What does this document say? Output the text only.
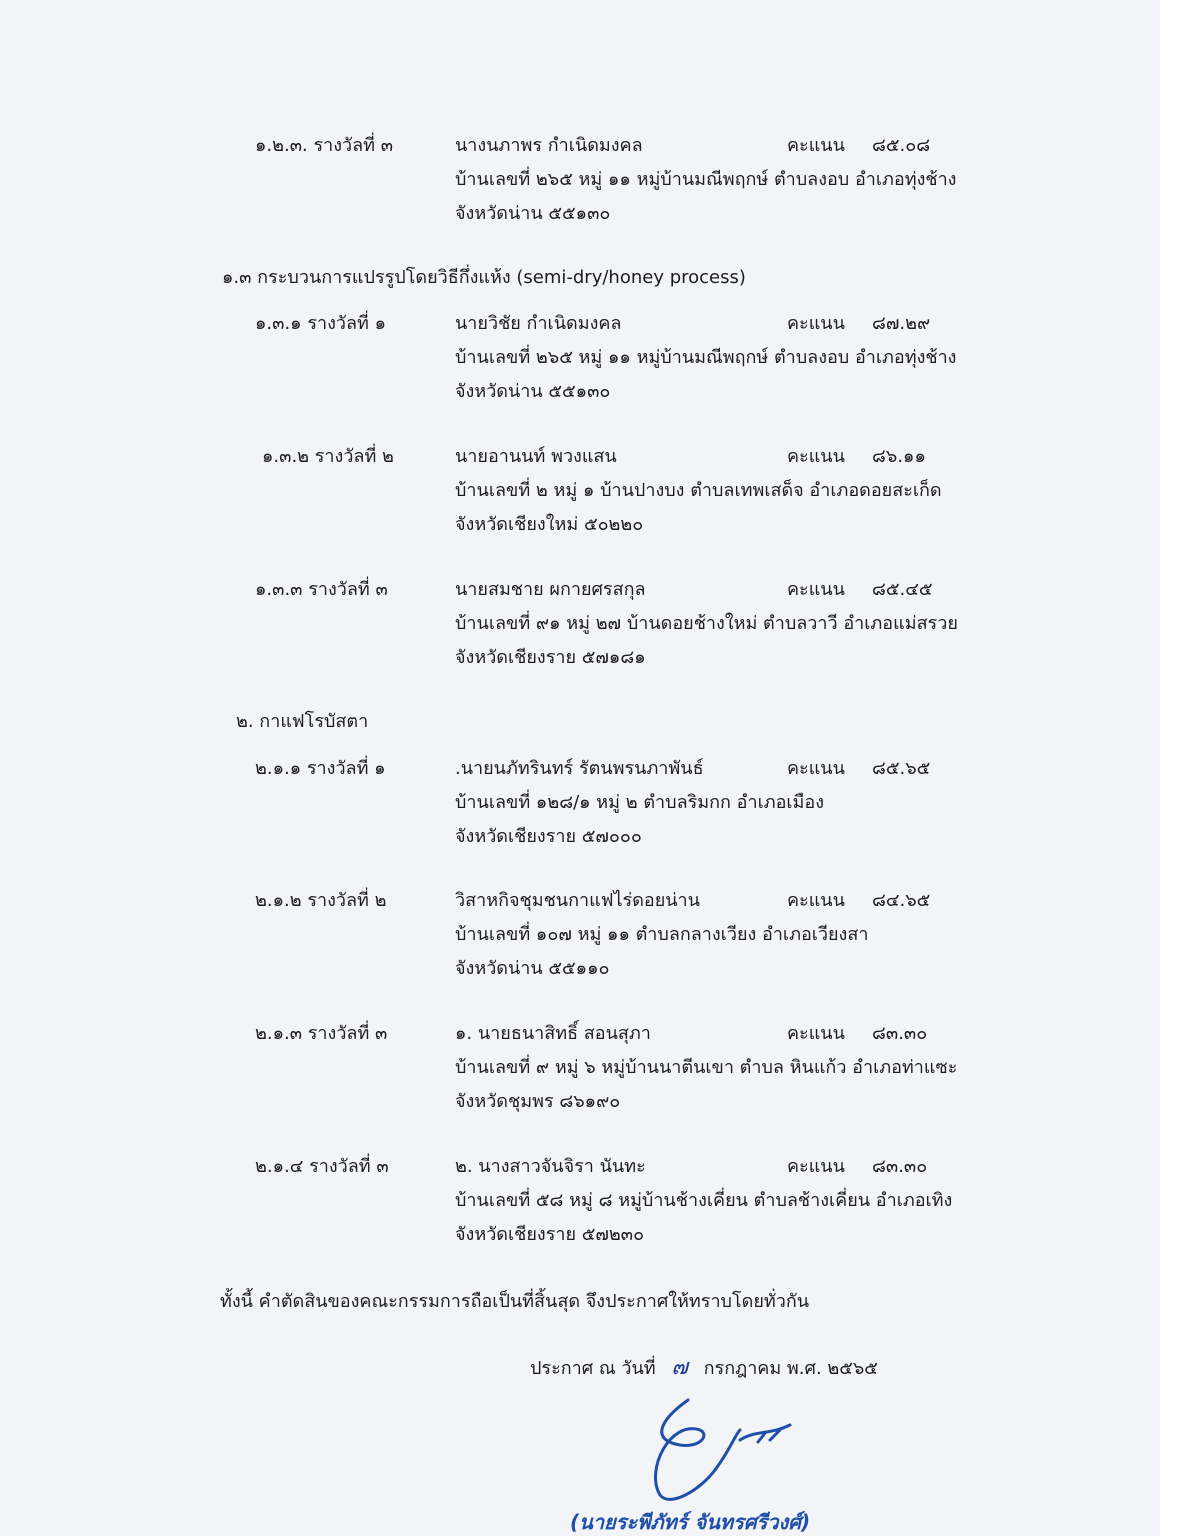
๑.๒.๓. รางวัลที่ ๓	นางนภาพร กำเนิดมงคล	คะแนน ๘๕.๐๘
บ้านเลขที่ ๒๖๕ หมู่ ๑๑ หมู่บ้านมณีพฤกษ์ ตำบลงอบ อำเภอทุ่งช้าง
จังหวัดน่าน ๕๕๑๓๐
๑.๓ กระบวนการแปรรูปโดยวิธีกึ่งแห้ง (semi-dry/honey process)
๑.๓.๑ รางวัลที่ ๑	นายวิชัย กำเนิดมงคล	คะแนน ๘๗.๒๙
บ้านเลขที่ ๒๖๕ หมู่ ๑๑ หมู่บ้านมณีพฤกษ์ ตำบลงอบ อำเภอทุ่งช้าง
จังหวัดน่าน ๕๕๑๓๐
๑.๓.๒ รางวัลที่ ๒	นายอานนท์ พวงแสน	คะแนน ๘๖.๑๑
บ้านเลขที่ ๒ หมู่ ๑ บ้านปางบง ตำบลเทพเสด็จ อำเภอดอยสะเก็ด
จังหวัดเชียงใหม่ ๕๐๒๒๐
๑.๓.๓ รางวัลที่ ๓	นายสมชาย ผกายศรสกุล	คะแนน ๘๕.๔๕
บ้านเลขที่ ๙๑ หมู่ ๒๗ บ้านดอยช้างใหม่ ตำบลวาวี อำเภอแม่สรวย
จังหวัดเชียงราย ๕๗๑๘๑
๒. กาแฟโรบัสตา
๒.๑.๑ รางวัลที่ ๑	.นายนภัทรินทร์ รัตนพรนภาพันธ์	คะแนน ๘๕.๖๕
บ้านเลขที่ ๑๒๘/๑ หมู่ ๒ ตำบลริมกก อำเภอเมือง
จังหวัดเชียงราย ๕๗๐๐๐
๒.๑.๒ รางวัลที่ ๒	วิสาหกิจชุมชนกาแฟไร่ดอยน่าน	คะแนน ๘๔.๖๕
บ้านเลขที่ ๑๐๗ หมู่ ๑๑ ตำบลกลางเวียง อำเภอเวียงสา
จังหวัดน่าน ๕๕๑๑๐
๒.๑.๓ รางวัลที่ ๓	๑. นายธนาสิทธิ์ สอนสุภา	คะแนน ๘๓.๓๐
บ้านเลขที่ ๙ หมู่ ๖ หมู่บ้านนาตีนเขา ตำบล หินแก้ว อำเภอท่าแซะ
จังหวัดชุมพร ๘๖๑๙๐
๒.๑.๔ รางวัลที่ ๓	๒. นางสาวจันจิรา นันทะ	คะแนน ๘๓.๓๐
บ้านเลขที่ ๕๘ หมู่ ๘ หมู่บ้านช้างเคี่ยน ตำบลช้างเคี่ยน อำเภอเทิง
จังหวัดเชียงราย ๕๗๒๓๐
ทั้งนี้ คำตัดสินของคณะกรรมการถือเป็นที่สิ้นสุด จึงประกาศให้ทราบโดยทั่วกัน
ประกาศ ณ วันที่ ๗ กรกฎาคม พ.ศ. ๒๕๖๕
(นายระพีภัทร์ จันทรศรีวงศ์)
